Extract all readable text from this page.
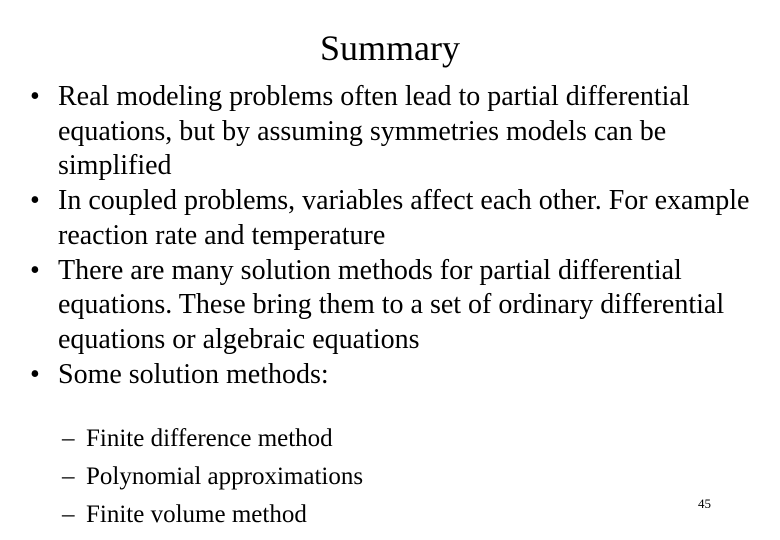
Summary
• Real modeling problems often lead to partial differential equations, but by assuming symmetries models can be simplified
• In coupled problems, variables affect each other. For example reaction rate and temperature
• There are many solution methods for partial differential equations. These bring them to a set of ordinary differential equations or algebraic equations
• Some solution methods:
– Finite difference method
– Polynomial approximations
– Finite volume method	45
